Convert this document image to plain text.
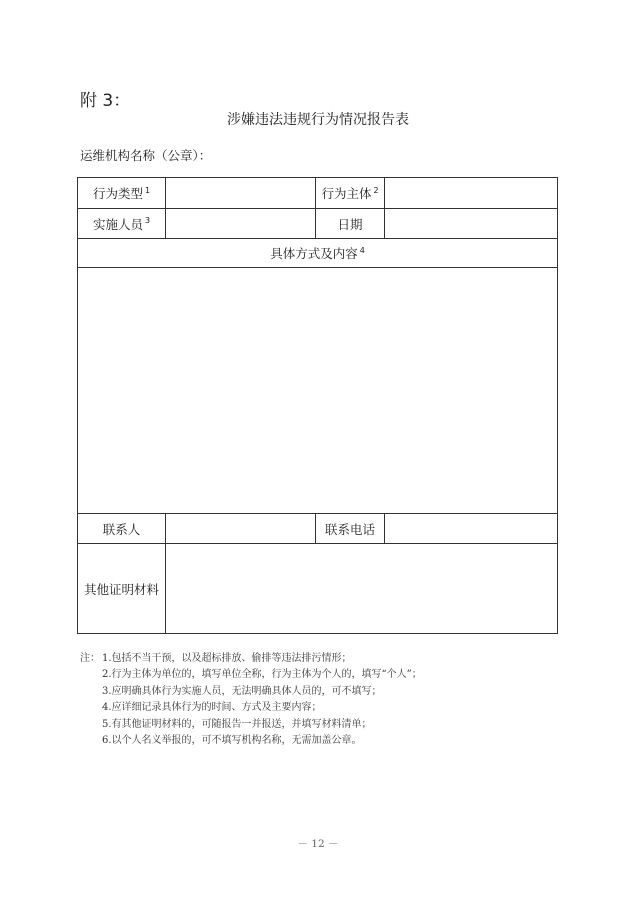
附 3：
涉嫌违法违规行为情况报告表
运维机构名称（公章）：
行为类型 $^1$		行为主体 $^2$	
实施人员 $^3$		日期	
具体方式及内容 $^4$

联系人		联系电话	
其他证明材料			
注： 1.包括不当干预，以及超标排放、偷排等违法排污情形；
2.行为主体为单位的，填写单位全称，行为主体为个人的，填写“个人”；
3.应明确具体行为实施人员，无法明确具体人员的，可不填写；
4.应详细记录具体行为的时间、方式及主要内容；
5.有其他证明材料的，可随报告一并报送，并填写材料清单；
6.以个人名义举报的，可不填写机构名称，无需加盖公章。
－ 12 －
